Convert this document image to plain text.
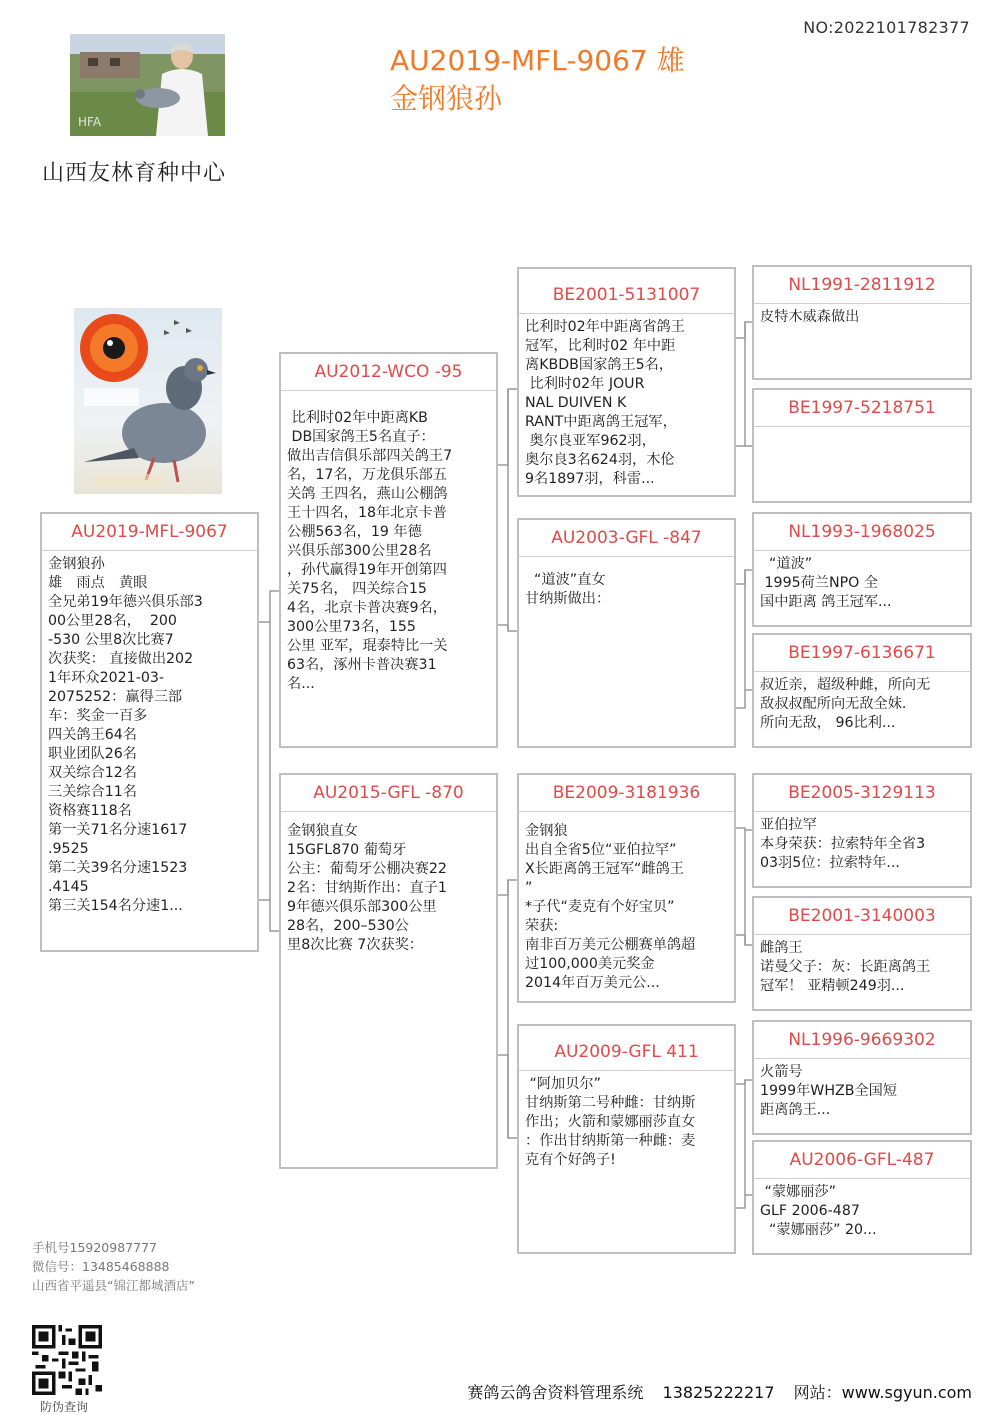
NO:2022101782377
AU2019-MFL-9067 雄
金钢狼孙
HFA
山西友林育种中心
AU2019-MFL-9067
金钢狼孙
雄　雨点　黄眼
全兄弟19年德兴俱乐部3
00公里28名，  200
-530 公里8次比赛7
次获奖： 直接做出202
1年环众2021-03-
2075252：赢得三部
车：奖金一百多
四关鸽王64名
职业团队26名
双关综合12名
三关综合11名
资格赛118名
第一关71名分速1617
.9525
第二关39名分速1523
.4145
第三关154名分速1...
AU2012-WCO -95
比利时02年中距离KB
DB国家鸽王5名直子：
做出吉信俱乐部四关鸽王7
名，17名，万龙俱乐部五
关鸽 王四名，燕山公棚鸽
王十四名，18年北京卡普
公棚563名，19 年德
兴俱乐部300公里28名
，孙代赢得19年开创第四
关75名， 四关综合15
4名，北京卡普决赛9名，
300公里73名，155
公里 亚军，琨泰特比一关
63名，涿州卡普决赛31
名...
AU2015-GFL -870
金钢狼直女
15GFL870 葡萄牙
公主：葡萄牙公棚决赛22
2名：甘纳斯作出：直子1
9年德兴俱乐部300公里
28名，200–530公
里8次比赛 7次获奖：
BE2001-5131007
比利时02年中距离省鸽王
冠军，比利时02 年中距
离KBDB国家鸽王5名，
比利时02年 JOUR
NAL DUIVEN K
RANT中距离鸽王冠军，
奥尔良亚军962羽，
奥尔良3名624羽，木伦
9名1897羽，科雷...
AU2003-GFL -847
“道波”直女
甘纳斯做出：
BE2009-3181936
金钢狼
出自全省5位“亚伯拉罕”
X长距离鸽王冠军“雌鸽王
”
*子代“麦克有个好宝贝”
荣获:
南非百万美元公棚赛单鸽超
过100,000美元奖金
2014年百万美元公...
AU2009-GFL 411
“阿加贝尔”
甘纳斯第二号种雌：甘纳斯
作出；火箭和蒙娜丽莎直女
：作出甘纳斯第一种雌：麦
克有个好鸽子!
NL1991-2811912
皮特木威森做出
BE1997-5218751
NL1993-1968025
“道波”
1995荷兰NPO 全
国中距离 鸽王冠军...
BE1997-6136671
叔近亲，超级种雌，所向无
敌叔叔配所向无敌全妹.
所向无敌， 96比利...
BE2005-3129113
亚伯拉罕
本身荣获：拉索特年全省3
03羽5位：拉索特年...
BE2001-3140003
雌鸽王
诺曼父子：灰：长距离鸽王
冠军！ 亚精顿249羽...
NL1996-9669302
火箭号
1999年WHZB全国短
距离鸽王...
AU2006-GFL-487
“蒙娜丽莎”
GLF 2006-487
“蒙娜丽莎” 20...
手机号15920987777
微信号：13485468888
山西省平遥县“锦江都城酒店”
防伪查询
赛鸽云鸽舍资料管理系统 13825222217 网站：www.sgyun.com
